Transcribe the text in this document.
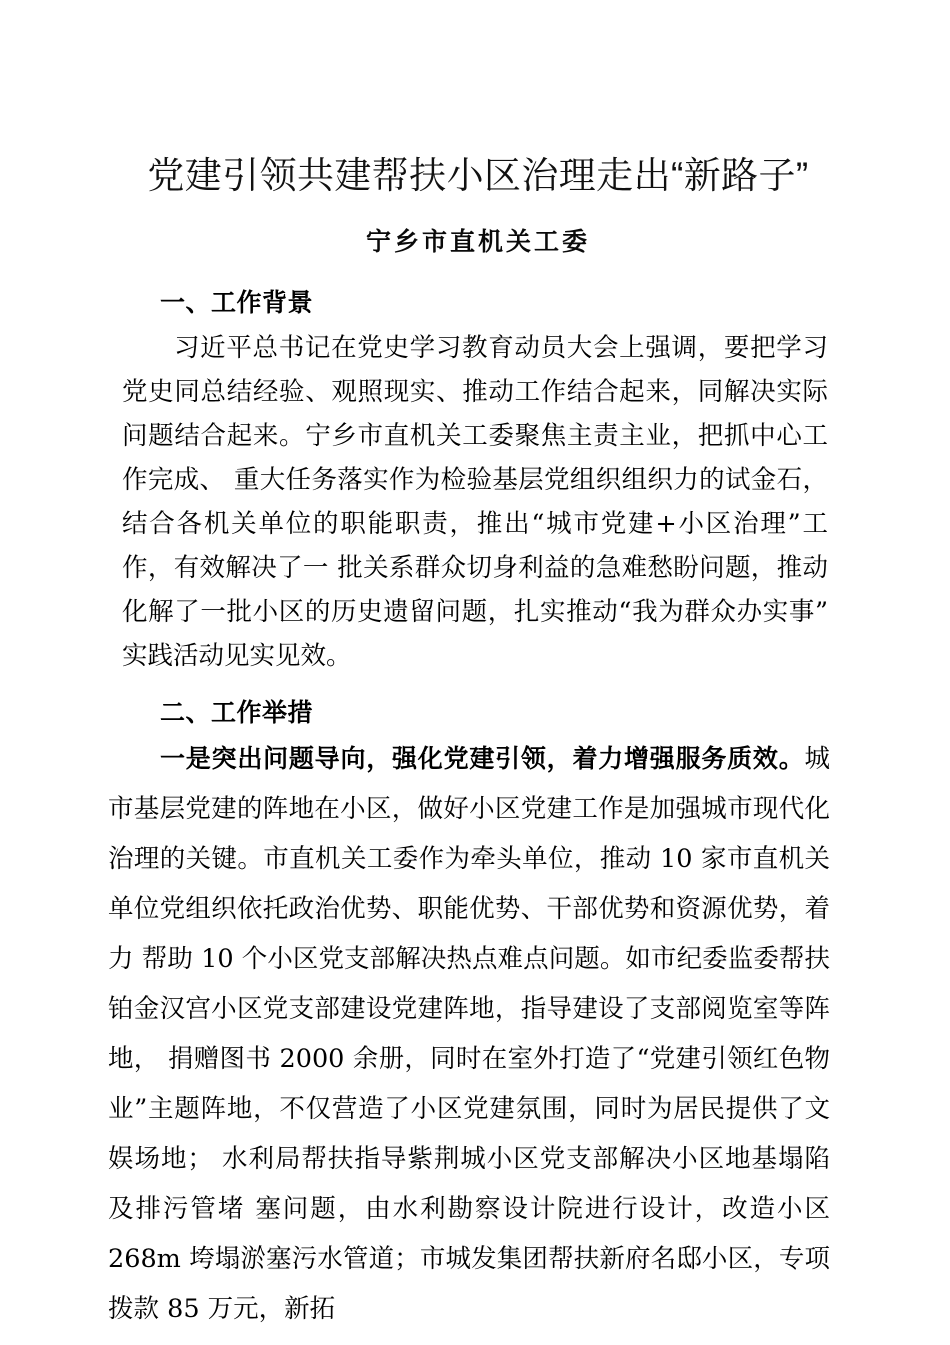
党建引领共建帮扶小区治理走出“新路子”
宁乡市直机关工委
一、工作背景

习近平总书记在党史学习教育动员大会上强调，要把学习党史同总结经验、观照现实、推动工作结合起来，同解决实际问题结合起来。宁乡市直机关工委聚焦主责主业，把抓中心工作完成、 重大任务落实作为检验基层党组织组织力的试金石，结合各机关单位的职能职责，推出“城市党建+小区治理”工作，有效解决了一 批关系群众切身利益的急难愁盼问题，推动化解了一批小区的历史遗留问题，扎实推动“我为群众办实事”实践活动见实见效。

二、工作举措

一是突出问题导向，强化党建引领，着力增强服务质效。城市基层党建的阵地在小区，做好小区党建工作是加强城市现代化治理的关键。市直机关工委作为牵头单位，推动 10 家市直机关单位党组织依托政治优势、职能优势、干部优势和资源优势，着力 帮助 10 个小区党支部解决热点难点问题。如市纪委监委帮扶铂金汉宫小区党支部建设党建阵地，指导建设了支部阅览室等阵地， 捐赠图书 2000 余册，同时在室外打造了“党建引领红色物业”主题阵地，不仅营造了小区党建氛围，同时为居民提供了文娱场地； 水利局帮扶指导紫荆城小区党支部解决小区地基塌陷及排污管堵 塞问题，由水利勘察设计院进行设计，改造小区 268m 垮塌淤塞污水管道；市城发集团帮扶新府名邸小区，专项拨款 85 万元，新拓
